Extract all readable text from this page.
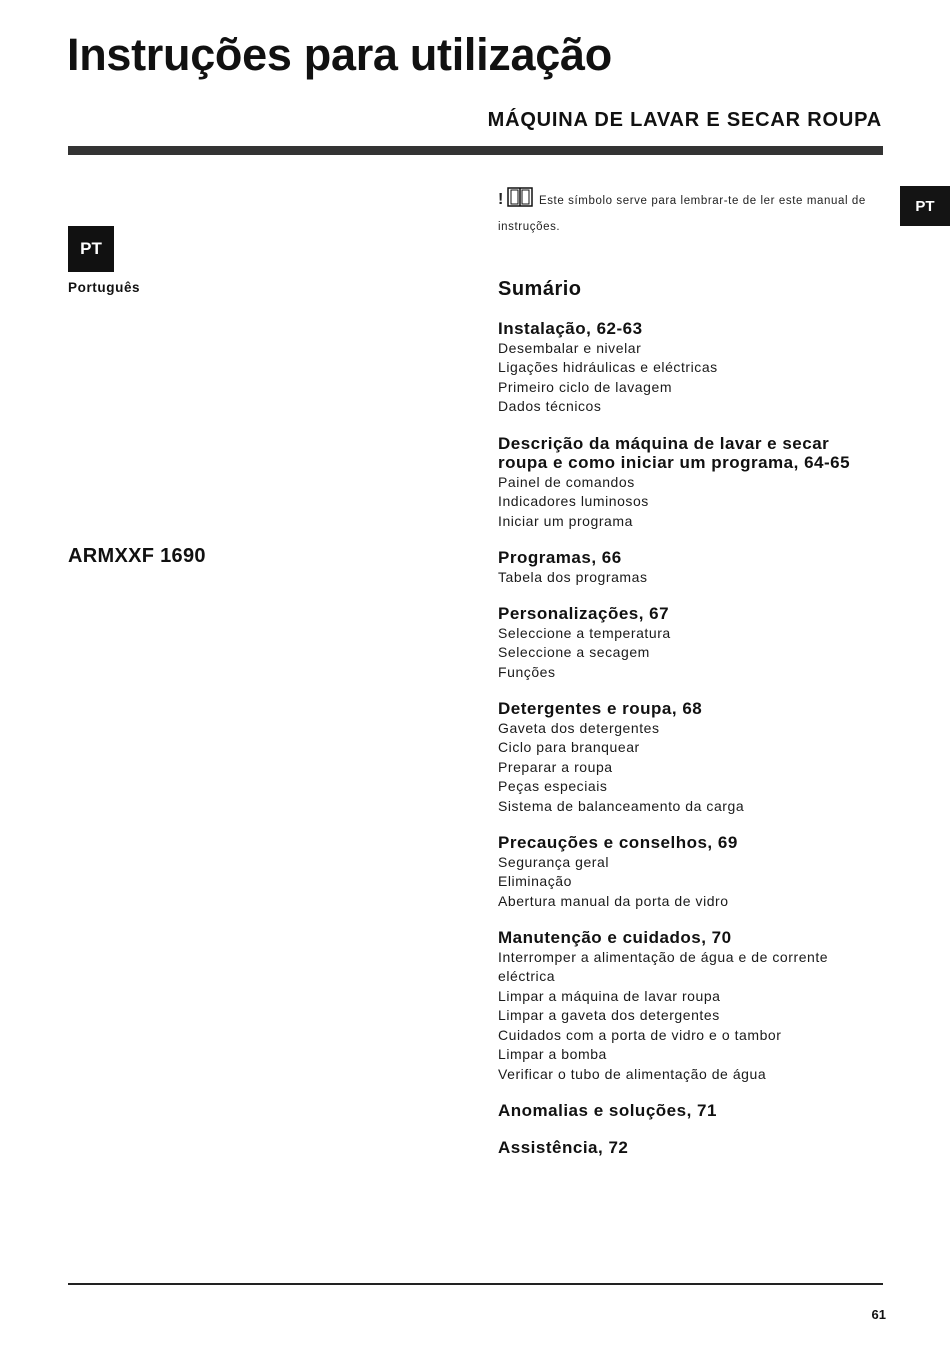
Instruções para utilização
MÁQUINA DE LAVAR E SECAR ROUPA
PT
PT
Português
ARMXXF 1690
!	Este símbolo serve para lembrar-te de ler este manual de instruções.
Sumário
Instalação, 62-63
Desembalar e nivelar
Ligações hidráulicas e eléctricas
Primeiro ciclo de lavagem
Dados técnicos
Descrição da máquina de lavar e secar roupa e como iniciar um programa, 64-65
Painel de comandos
Indicadores luminosos
Iniciar um programa
Programas, 66
Tabela dos programas
Personalizações, 67
Seleccione a temperatura
Seleccione a secagem
Funções
Detergentes e roupa, 68
Gaveta dos detergentes
Ciclo para branquear
Preparar a roupa
Peças especiais
Sistema de balanceamento da carga
Precauções e conselhos, 69
Segurança geral
Eliminação
Abertura manual da porta de vidro
Manutenção e cuidados, 70
Interromper a alimentação de água e de corrente eléctrica
Limpar a máquina de lavar roupa
Limpar a gaveta dos detergentes
Cuidados com a porta de vidro e o tambor
Limpar a bomba
Verificar o tubo de alimentação de água
Anomalias e soluções, 71
Assistência, 72
61
